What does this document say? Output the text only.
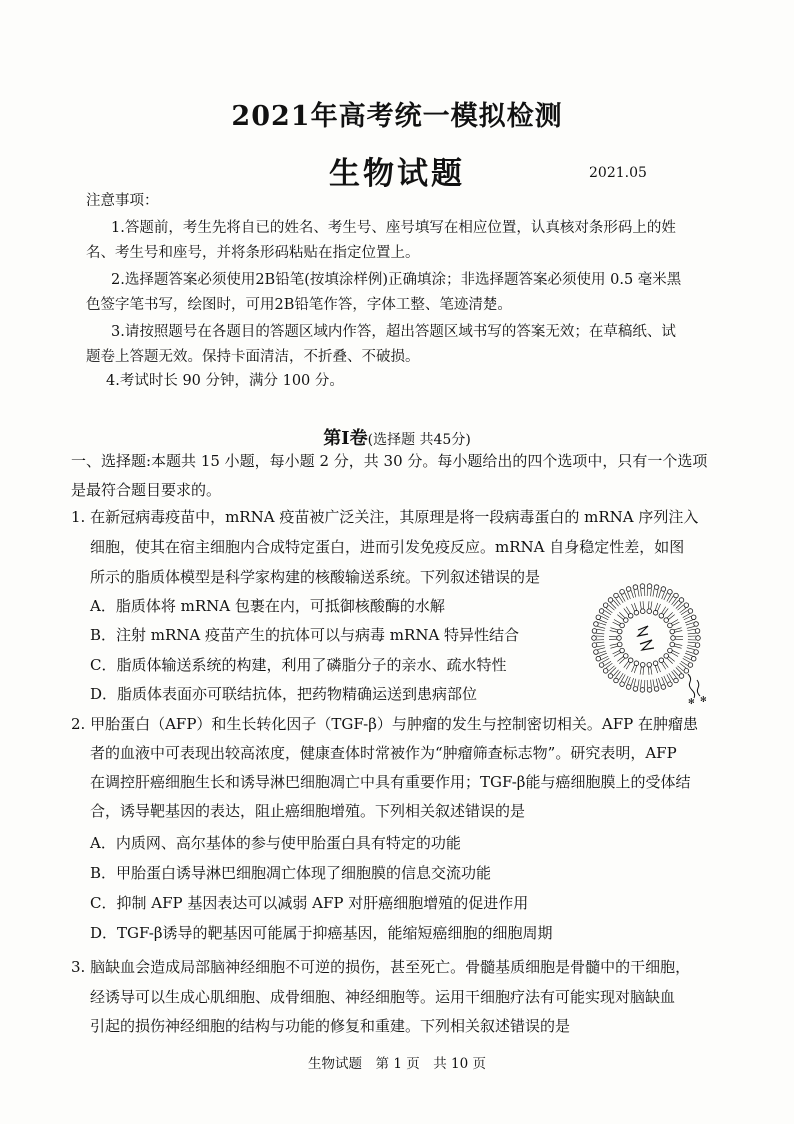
2021年高考统一模拟检测
生物试题	2021.05
注意事项：
1.答题前，考生先将自已的姓名、考生号、座号填写在相应位置，认真核对条形码上的姓
名、考生号和座号，并将条形码粘贴在指定位置上。
2.选择题答案必须使用2B铅笔(按填涂样例)正确填涂；非选择题答案必须使用 0.5 毫米黑
色签字笔书写，绘图时，可用2B铅笔作答，字体工整、笔迹清楚。
3.请按照题号在各题目的答题区域内作答，超出答题区域书写的答案无效；在草稿纸、试
题卷上答题无效。保持卡面清洁，不折叠、不破损。
4.考试时长 90 分钟，满分 100 分。
第Ⅰ卷(选择题 共45分)
一、选择题:本题共 15 小题，每小题 2 分，共 30 分。每小题给出的四个选项中，只有一个选项
是最符合题目要求的。
1. 在新冠病毒疫苗中，mRNA 疫苗被广泛关注，其原理是将一段病毒蛋白的 mRNA 序列注入
细胞，使其在宿主细胞内合成特定蛋白，进而引发免疫反应。mRNA 自身稳定性差，如图
所示的脂质体模型是科学家构建的核酸输送系统。下列叙述错误的是
A．脂质体将 mRNA 包裹在内，可抵御核酸酶的水解
B．注射 mRNA 疫苗产生的抗体可以与病毒 mRNA 特异性结合
C．脂质体输送系统的构建，利用了磷脂分子的亲水、疏水特性
D．脂质体表面亦可联结抗体，把药物精确运送到患病部位	✻ ✻
2. 甲胎蛋白（AFP）和生长转化因子（TGF-β）与肿瘤的发生与控制密切相关。AFP 在肿瘤患
者的血液中可表现出较高浓度，健康查体时常被作为“肿瘤筛查标志物”。研究表明，AFP
在调控肝癌细胞生长和诱导淋巴细胞凋亡中具有重要作用；TGF-β能与癌细胞膜上的受体结
合，诱导靶基因的表达，阻止癌细胞增殖。下列相关叙述错误的是
A．内质网、高尔基体的参与使甲胎蛋白具有特定的功能
B．甲胎蛋白诱导淋巴细胞凋亡体现了细胞膜的信息交流功能
C．抑制 AFP 基因表达可以减弱 AFP 对肝癌细胞增殖的促进作用
D．TGF-β诱导的靶基因可能属于抑癌基因，能缩短癌细胞的细胞周期
3. 脑缺血会造成局部脑神经细胞不可逆的损伤，甚至死亡。骨髓基质细胞是骨髓中的干细胞，
经诱导可以生成心肌细胞、成骨细胞、神经细胞等。运用干细胞疗法有可能实现对脑缺血
引起的损伤神经细胞的结构与功能的修复和重建。下列相关叙述错误的是
生物试题　第 1 页　共 10 页
